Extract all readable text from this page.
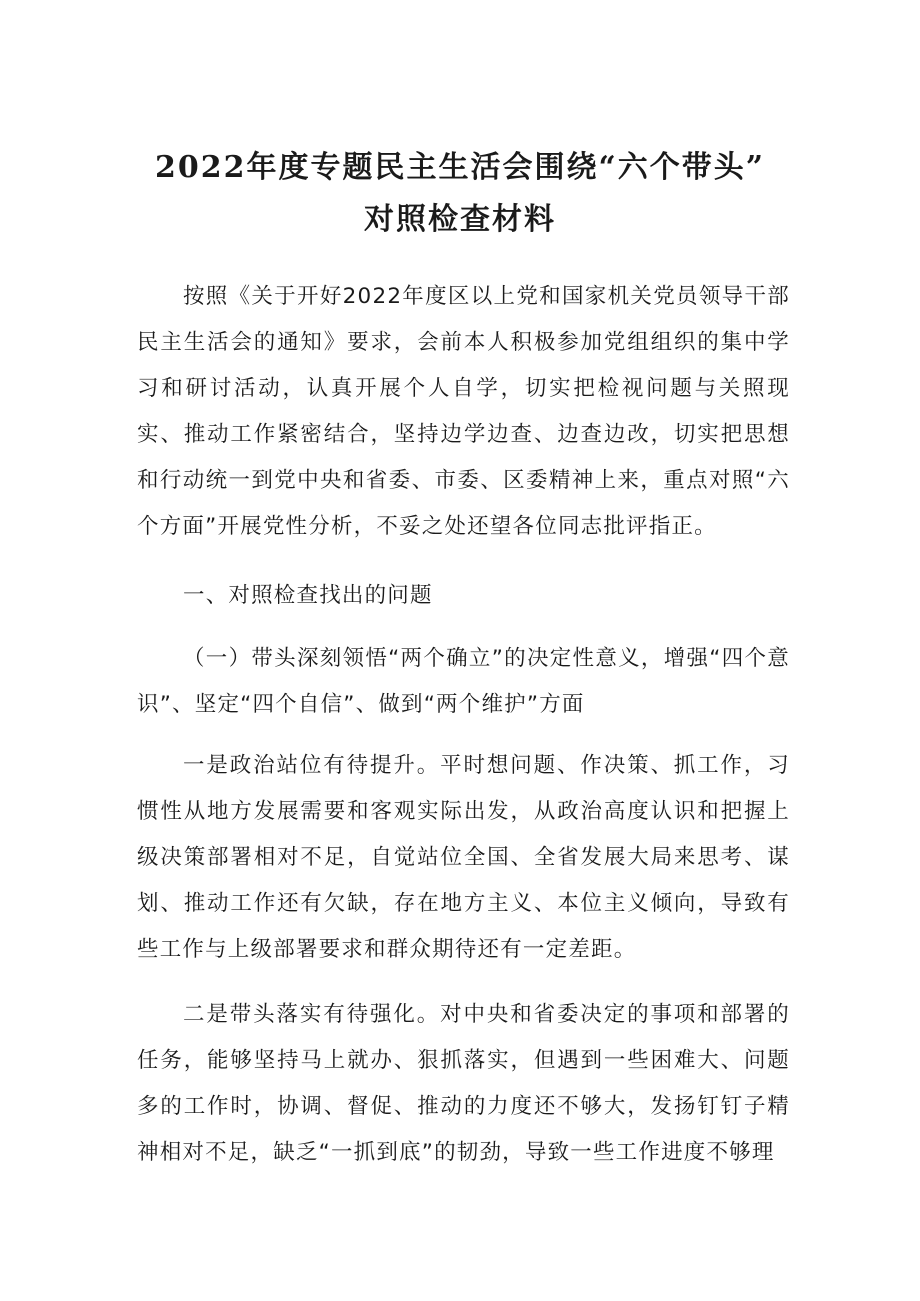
2022年度专题民主生活会围绕“六个带头”
对照检查材料

按照《关于开好2022年度区以上党和国家机关党员领导干部民主生活会的通知》要求，会前本人积极参加党组组织的集中学习和研讨活动，认真开展个人自学，切实把检视问题与关照现实、推动工作紧密结合，坚持边学边查、边查边改，切实把思想和行动统一到党中央和省委、市委、区委精神上来，重点对照“六个方面”开展党性分析，不妥之处还望各位同志批评指正。

一、对照检查找出的问题

（一）带头深刻领悟“两个确立”的决定性意义，增强“四个意识”、坚定“四个自信”、做到“两个维护”方面

一是政治站位有待提升。平时想问题、作决策、抓工作，习惯性从地方发展需要和客观实际出发，从政治高度认识和把握上级决策部署相对不足，自觉站位全国、全省发展大局来思考、谋划、推动工作还有欠缺，存在地方主义、本位主义倾向，导致有些工作与上级部署要求和群众期待还有一定差距。

二是带头落实有待强化。对中央和省委决定的事项和部署的任务，能够坚持马上就办、狠抓落实，但遇到一些困难大、问题多的工作时，协调、督促、推动的力度还不够大，发扬钉钉子精神相对不足，缺乏“一抓到底”的韧劲，导致一些工作进度不够理
